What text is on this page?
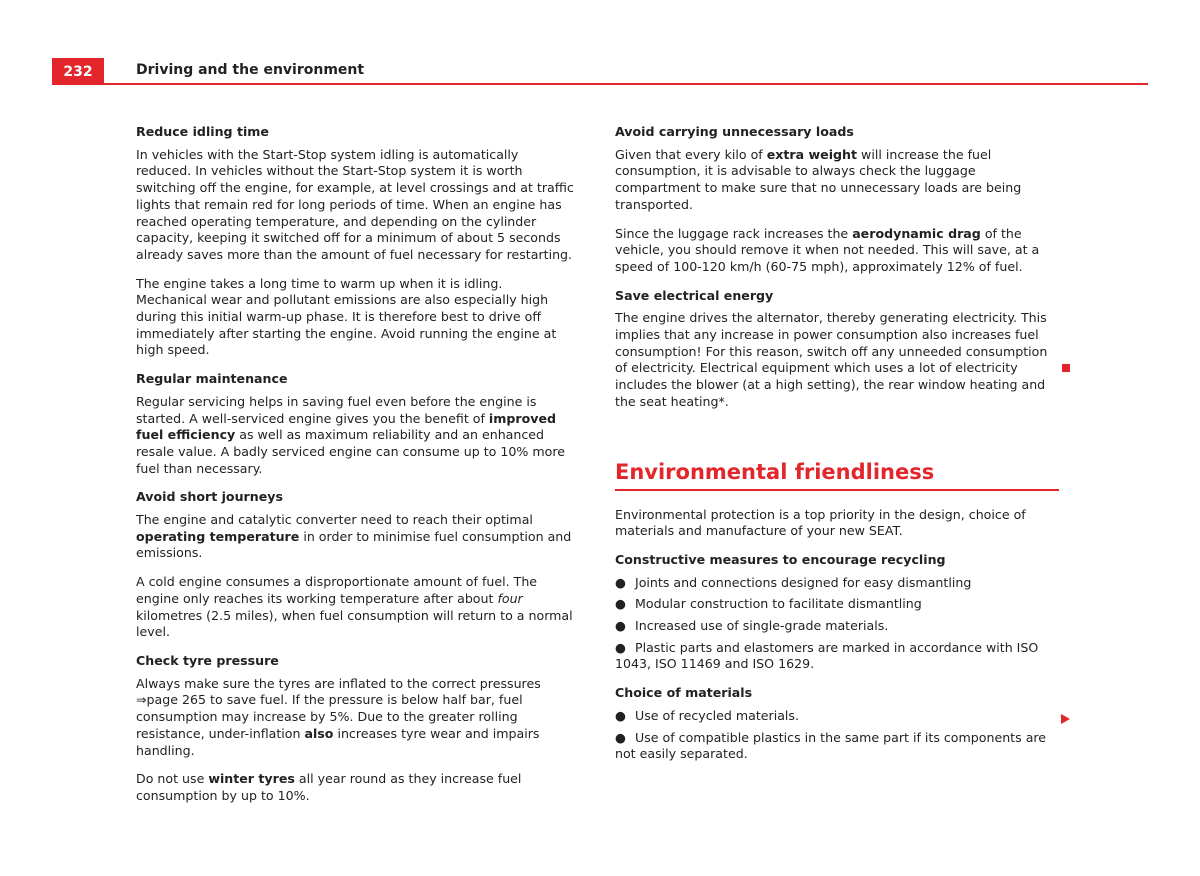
232	Driving and the environment
Reduce idling time

In vehicles with the Start-Stop system idling is automatically reduced. In vehicles without the Start-Stop system it is worth switching off the engine, for example, at level crossings and at traffic lights that remain red for long periods of time. When an engine has reached operating temperature, and depending on the cylinder capacity, keeping it switched off for a minimum of about 5 seconds already saves more than the amount of fuel necessary for restarting.

The engine takes a long time to warm up when it is idling. Mechanical wear and pollutant emissions are also especially high during this initial warm-up phase. It is therefore best to drive off immediately after starting the engine. Avoid running the engine at high speed.

Regular maintenance

Regular servicing helps in saving fuel even before the engine is started. A well-serviced engine gives you the benefit of improved fuel efficiency as well as maximum reliability and an enhanced resale value. A badly serviced engine can consume up to 10% more fuel than necessary.

Avoid short journeys

The engine and catalytic converter need to reach their optimal operating temperature in order to minimise fuel consumption and emissions.

A cold engine consumes a disproportionate amount of fuel. The engine only reaches its working temperature after about four kilometres (2.5 miles), when fuel consumption will return to a normal level.

Check tyre pressure

Always make sure the tyres are inflated to the correct pressures ⇒page 265 to save fuel. If the pressure is below half bar, fuel consumption may increase by 5%. Due to the greater rolling resistance, under-inflation also increases tyre wear and impairs handling.

Do not use winter tyres all year round as they increase fuel consumption by up to 10%.

Avoid carrying unnecessary loads

Given that every kilo of extra weight will increase the fuel consumption, it is advisable to always check the luggage compartment to make sure that no unnecessary loads are being transported.

Since the luggage rack increases the aerodynamic drag of the vehicle, you should remove it when not needed. This will save, at a speed of 100-120 km/h (60-75 mph), approximately 12% of fuel.

Save electrical energy

The engine drives the alternator, thereby generating electricity. This implies that any increase in power consumption also increases fuel consumption! For this reason, switch off any unneeded consumption of electricity. Electrical equipment which uses a lot of electricity includes the blower (at a high setting), the rear window heating and the seat heating*.

Environmental friendliness

Environmental protection is a top priority in the design, choice of materials and manufacture of your new SEAT.

Constructive measures to encourage recycling
● Joints and connections designed for easy dismantling
● Modular construction to facilitate dismantling
● Increased use of single-grade materials.
● Plastic parts and elastomers are marked in accordance with ISO 1043, ISO 11469 and ISO 1629.
Choice of materials
● Use of recycled materials.
● Use of compatible plastics in the same part if its components are not easily separated.
